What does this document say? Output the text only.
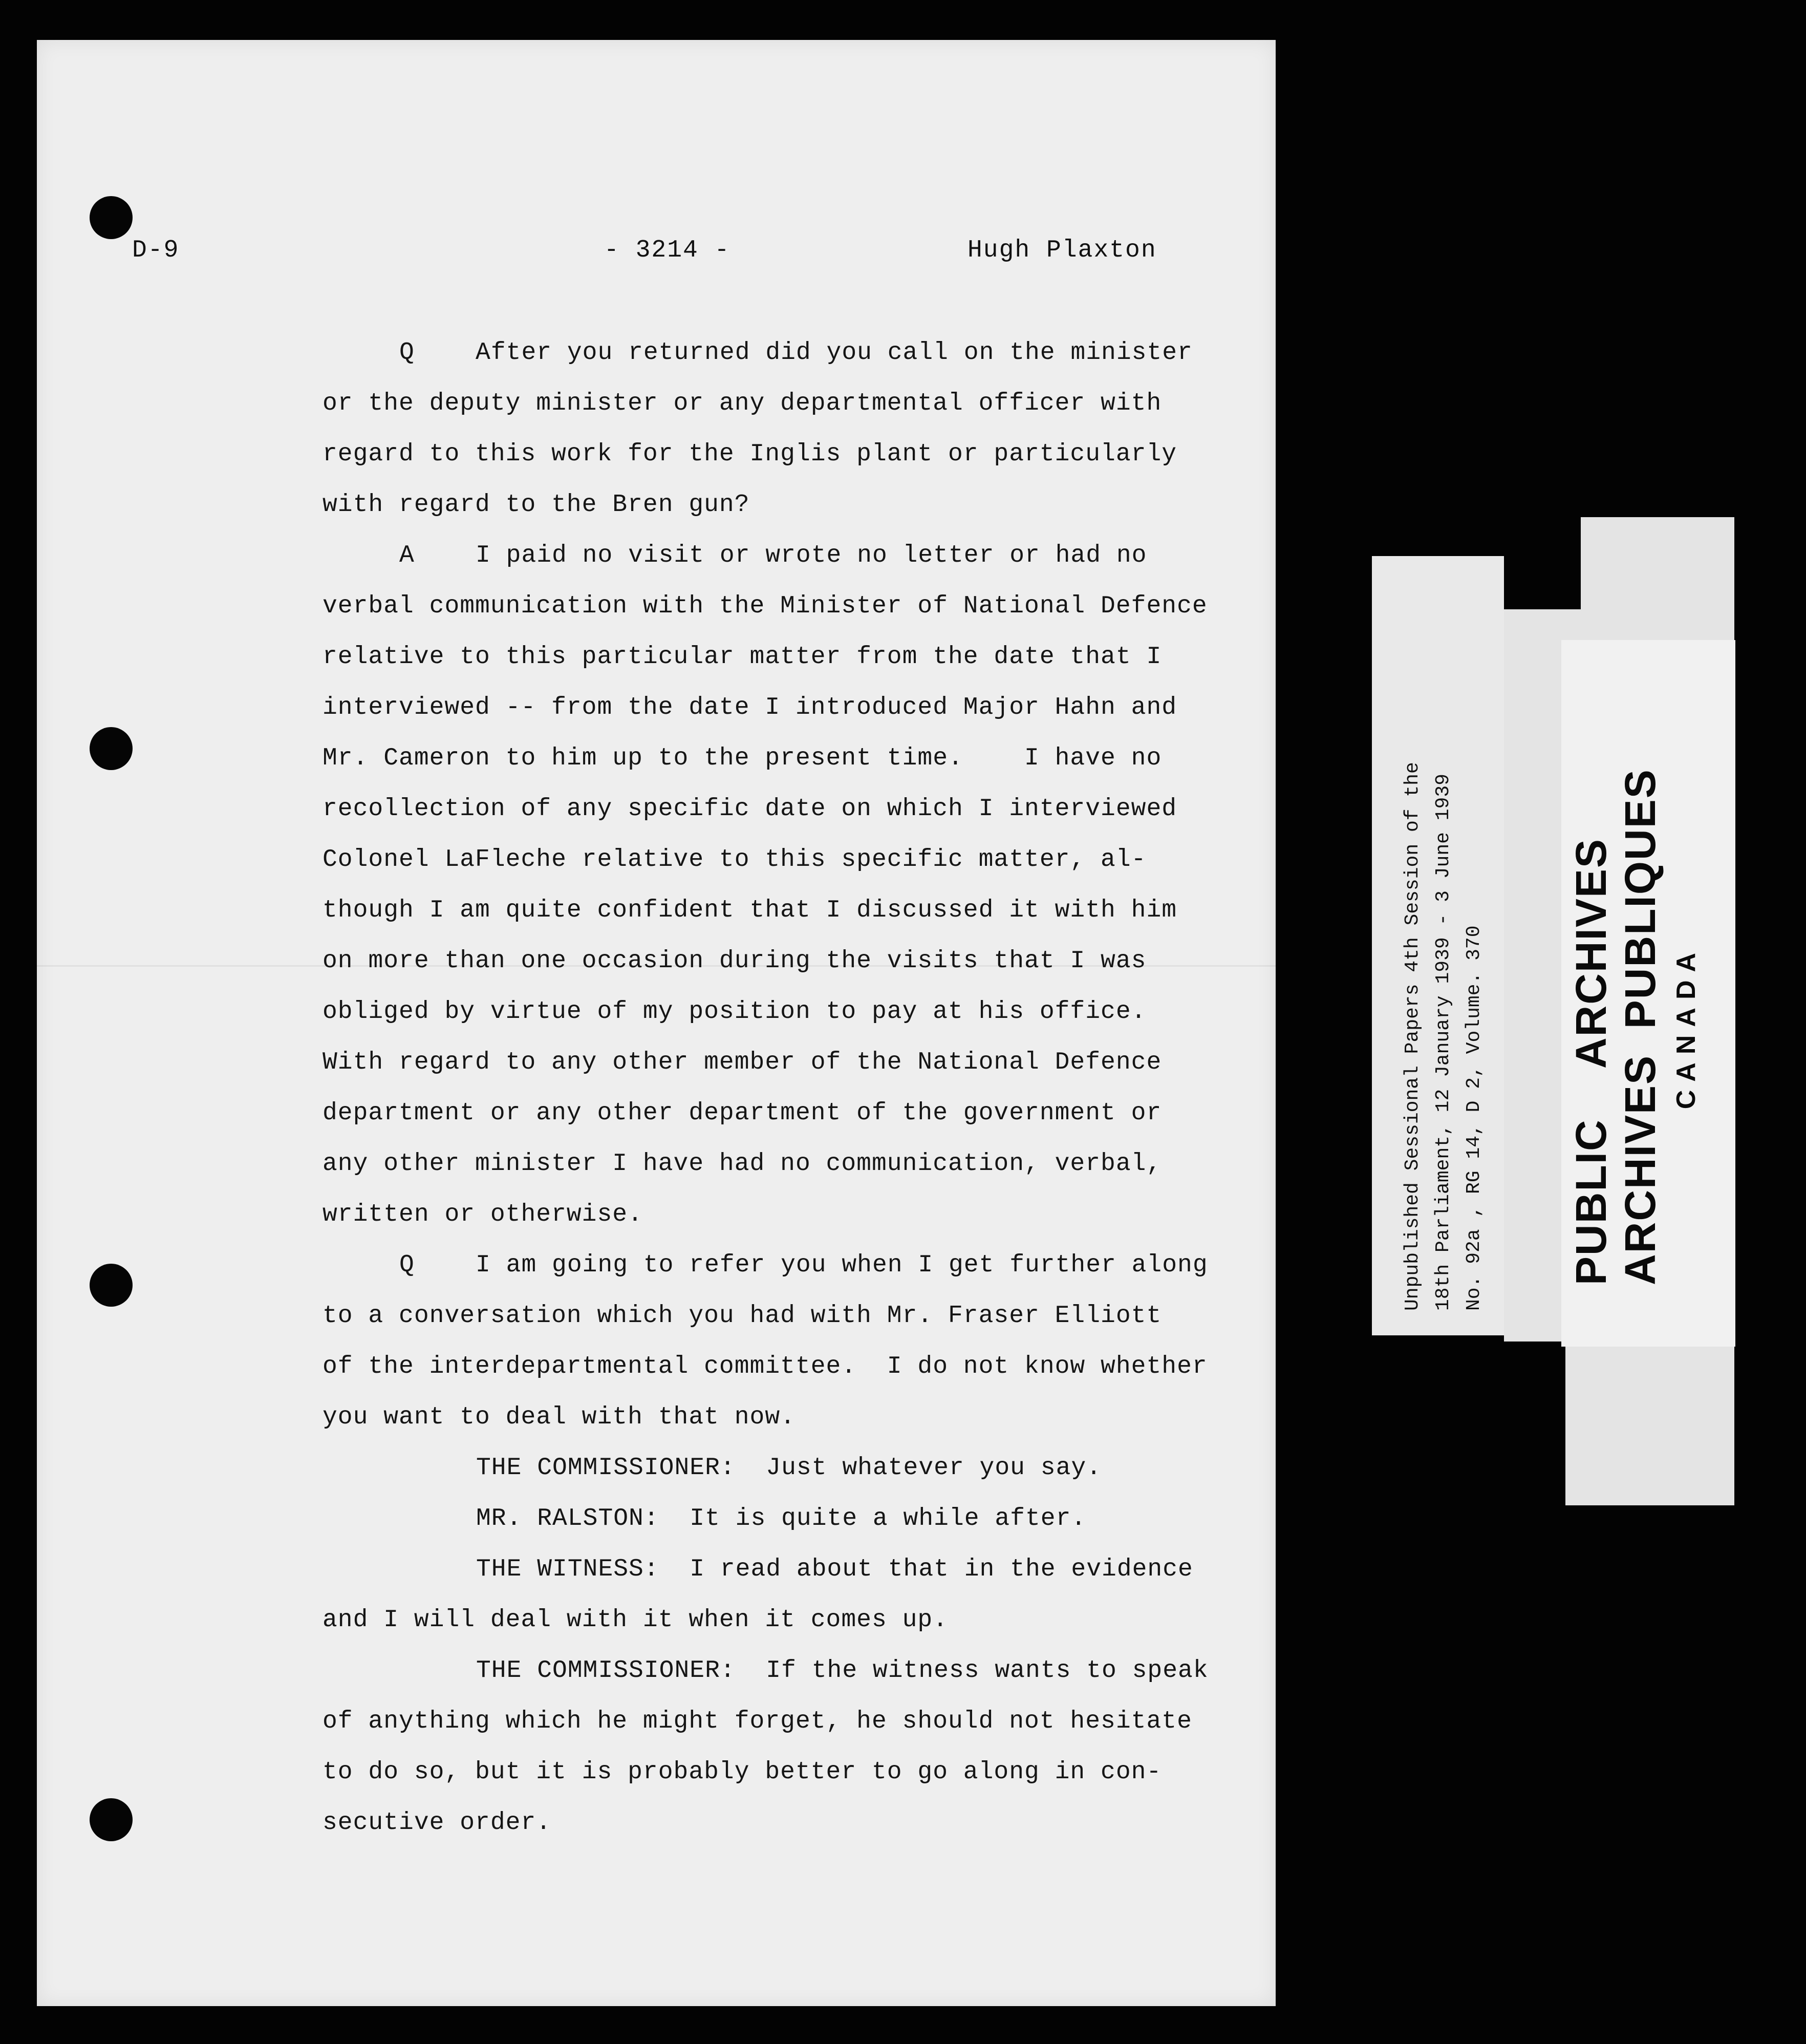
D-9	- 3214 -	Hugh Plaxton
Q    After you returned did you call on the minister
or the deputy minister or any departmental officer with
regard to this work for the Inglis plant or particularly
with regard to the Bren gun?
A    I paid no visit or wrote no letter or had no
verbal communication with the Minister of National Defence
relative to this particular matter from the date that I
interviewed -- from the date I introduced Major Hahn and
Mr. Cameron to him up to the present time.    I have no
recollection of any specific date on which I interviewed
Colonel LaFleche relative to this specific matter, al-
though I am quite confident that I discussed it with him
on more than one occasion during the visits that I was
obliged by virtue of my position to pay at his office.
With regard to any other member of the National Defence
department or any other department of the government or
any other minister I have had no communication, verbal,
written or otherwise.
Q    I am going to refer you when I get further along
to a conversation which you had with Mr. Fraser Elliott
of the interdepartmental committee.  I do not know whether
you want to deal with that now.
THE COMMISSIONER:  Just whatever you say.
MR. RALSTON:  It is quite a while after.
THE WITNESS:  I read about that in the evidence
and I will deal with it when it comes up.
THE COMMISSIONER:  If the witness wants to speak
of anything which he might forget, he should not hesitate
to do so, but it is probably better to go along in con-
secutive order.
Unpublished Sessional Papers 4th Session of the 18th Parliament, 12 January 1939 - 3 June 1939 No. 92a , RG 14, D 2, Volume. 370 PUBLIC    ARCHIVES ARCHIVES  PUBLIQUES CANADA
